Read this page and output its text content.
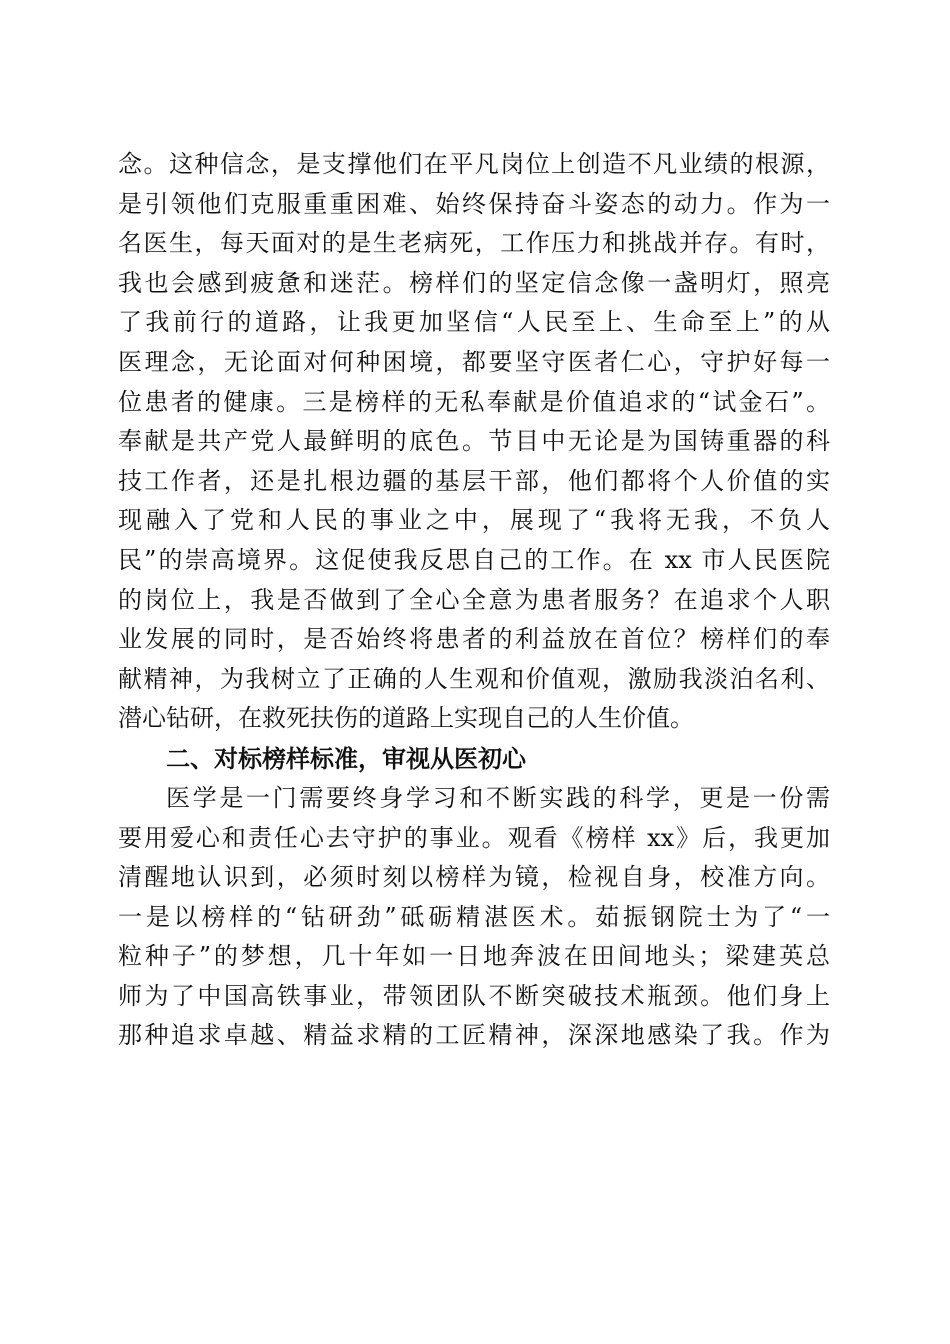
念。这种信念，是支撑他们在平凡岗位上创造不凡业绩的根源，
是引领他们克服重重困难、始终保持奋斗姿态的动力。作为一
名医生，每天面对的是生老病死，工作压力和挑战并存。有时，
我也会感到疲惫和迷茫。榜样们的坚定信念像一盏明灯，照亮
了我前行的道路，让我更加坚信“人民至上、生命至上”的从
医理念，无论面对何种困境，都要坚守医者仁心，守护好每一
位患者的健康。三是榜样的无私奉献是价值追求的“试金石”。
奉献是共产党人最鲜明的底色。节目中无论是为国铸重器的科
技工作者，还是扎根边疆的基层干部，他们都将个人价值的实
现融入了党和人民的事业之中，展现了“我将无我，不负人
民”的崇高境界。这促使我反思自己的工作。在 xx 市人民医院
的岗位上，我是否做到了全心全意为患者服务？在追求个人职
业发展的同时，是否始终将患者的利益放在首位？榜样们的奉
献精神，为我树立了正确的人生观和价值观，激励我淡泊名利、
潜心钻研，在救死扶伤的道路上实现自己的人生价值。
二、对标榜样标准，审视从医初心
医学是一门需要终身学习和不断实践的科学，更是一份需
要用爱心和责任心去守护的事业。观看《榜样 xx》后，我更加
清醒地认识到，必须时刻以榜样为镜，检视自身，校准方向。
一是以榜样的“钻研劲”砥砺精湛医术。茹振钢院士为了“一
粒种子”的梦想，几十年如一日地奔波在田间地头；梁建英总
师为了中国高铁事业，带领团队不断突破技术瓶颈。他们身上
那种追求卓越、精益求精的工匠精神，深深地感染了我。作为
